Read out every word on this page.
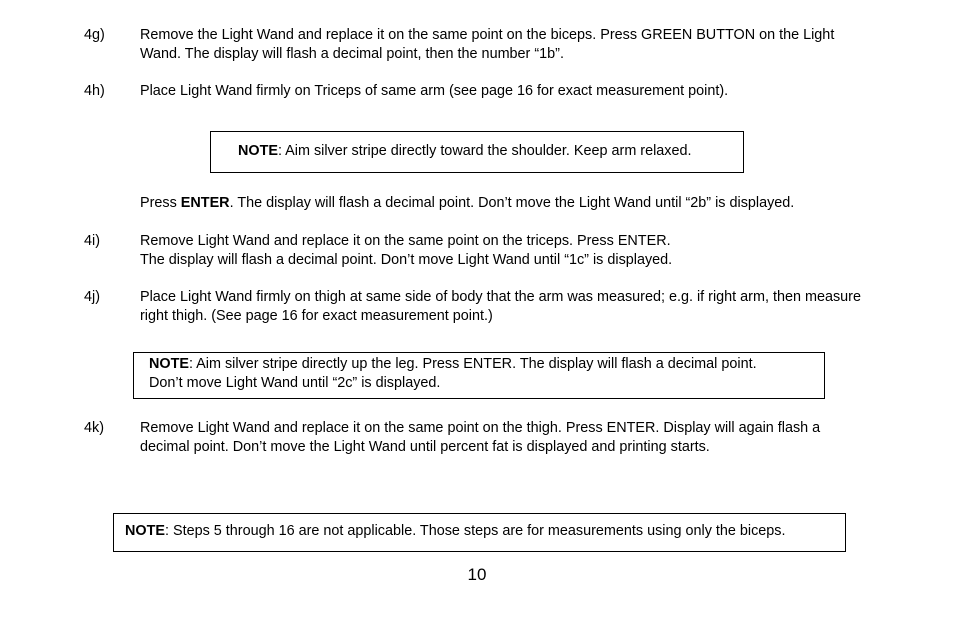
4g) Remove the Light Wand and replace it on the same point on the biceps. Press GREEN BUTTON on the Light
Wand. The display will flash a decimal point, then the number “1b”.
4h) Place Light Wand firmly on Triceps of same arm (see page 16 for exact measurement point).
NOTE: Aim silver stripe directly toward the shoulder. Keep arm relaxed.
Press ENTER. The display will flash a decimal point. Don’t move the Light Wand until “2b” is displayed.
4i)	Remove Light Wand and replace it on the same point on the triceps. Press ENTER.
The display will flash a decimal point. Don’t move Light Wand until “1c” is displayed.
4j)	Place Light Wand firmly on thigh at same side of body that the arm was measured; e.g. if right arm, then measure
right thigh. (See page 16 for exact measurement point.)
NOTE: Aim silver stripe directly up the leg. Press ENTER. The display will flash a decimal point.
Don’t move Light Wand until “2c” is displayed.
4k)	Remove Light Wand and replace it on the same point on the thigh. Press ENTER. Display will again flash a
decimal point. Don’t move the Light Wand until percent fat is displayed and printing starts.
NOTE: Steps 5 through 16 are not applicable. Those steps are for measurements using only the biceps.
10
